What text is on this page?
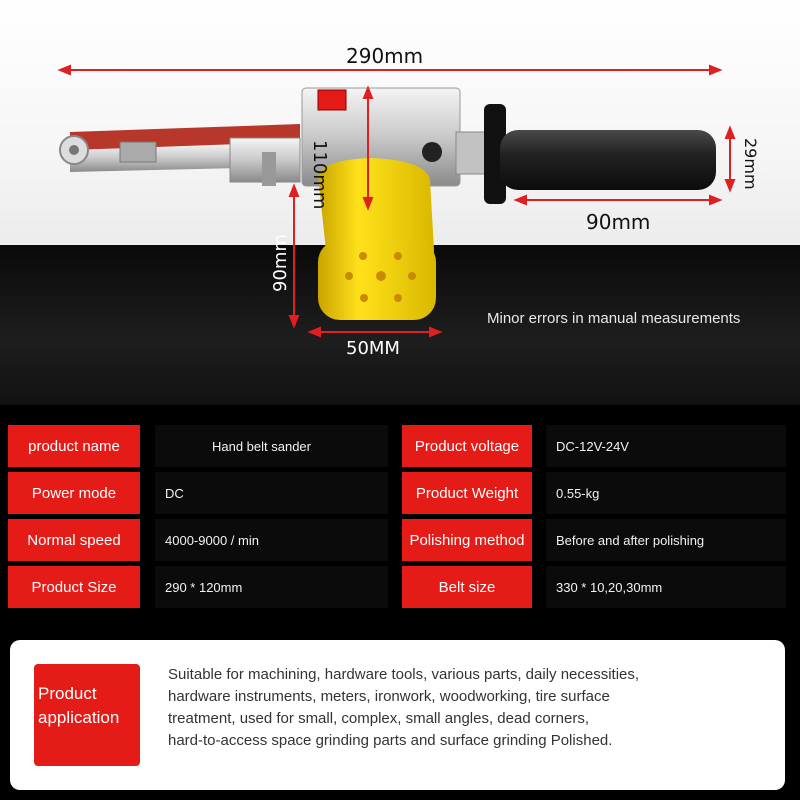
290mm
110mm	29mm
90mm
90mm
50MM
Minor errors in manual measurements
product name	Hand belt sander	Product voltage	DC-12V-24V
Power mode	DC	Product Weight	0.55-kg
Normal speed	4000-9000 / min	Polishing method	Before and after polishing
Product Size	290 * 120mm	Belt size	330 * 10,20,30mm
Product
application
Suitable for machining, hardware tools, various parts, daily necessities,
hardware instruments, meters, ironwork, woodworking, tire surface
treatment, used for small, complex, small angles, dead corners,
hard-to-access space grinding parts and surface grinding Polished.
